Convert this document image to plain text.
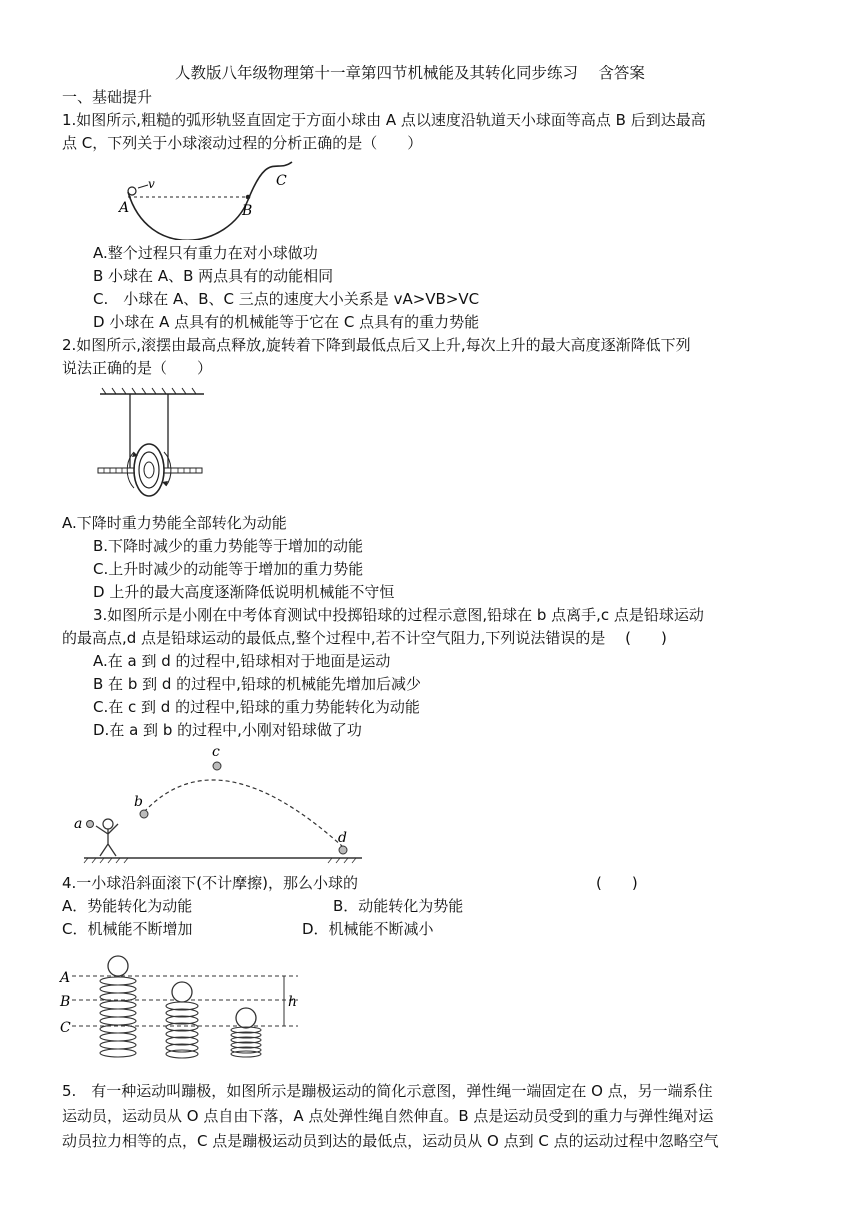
人教版八年级物理第十一章第四节机械能及其转化同步练习　 含答案
一、基础提升
1.如图所示,粗糙的弧形轨竖直固定于方面小球由 A 点以速度沿轨道天小球面等高点 B 后到达最高
点 C，下列关于小球滚动过程的分析正确的是（　　）
A
v
B
C
A.整个过程只有重力在对小球做功
B 小球在 A、B 两点具有的动能相同
C.　小球在 A、B、C 三点的速度大小关系是 vA>VB>VC
D 小球在 A 点具有的机械能等于它在 C 点具有的重力势能
2.如图所示,滚摆由最高点释放,旋转着下降到最低点后又上升,每次上升的最大高度逐渐降低下列
说法正确的是（　　）
A.下降时重力势能全部转化为动能
B.下降时减少的重力势能等于增加的动能
C.上升时减少的动能等于增加的重力势能
D 上升的最大高度逐渐降低说明机械能不守恒
3.如图所示是小刚在中考体育测试中投掷铅球的过程示意图,铅球在 b 点离手,c 点是铅球运动
的最高点,d 点是铅球运动的最低点,整个过程中,若不计空气阻力,下列说法错误的是　 (　　)
A.在 a 到 d 的过程中,铅球相对于地面是运动
B 在 b 到 d 的过程中,铅球的机械能先增加后减少
C.在 c 到 d 的过程中,铅球的重力势能转化为动能
D.在 a 到 b 的过程中,小刚对铅球做了功
b
c
d
a
4.一小球沿斜面滚下(不计摩擦)，那么小球的	(　　)
A．势能转化为动能	B．动能转化为势能
C．机械能不断增加	D．机械能不断减小
A
B
C
h
5.　有一种运动叫蹦极，如图所示是蹦极运动的简化示意图，弹性绳一端固定在 O 点，另一端系住
运动员，运动员从 O 点自由下落，A 点处弹性绳自然伸直。B 点是运动员受到的重力与弹性绳对运
动员拉力相等的点，C 点是蹦极运动员到达的最低点，运动员从 O 点到 C 点的运动过程中忽略空气
